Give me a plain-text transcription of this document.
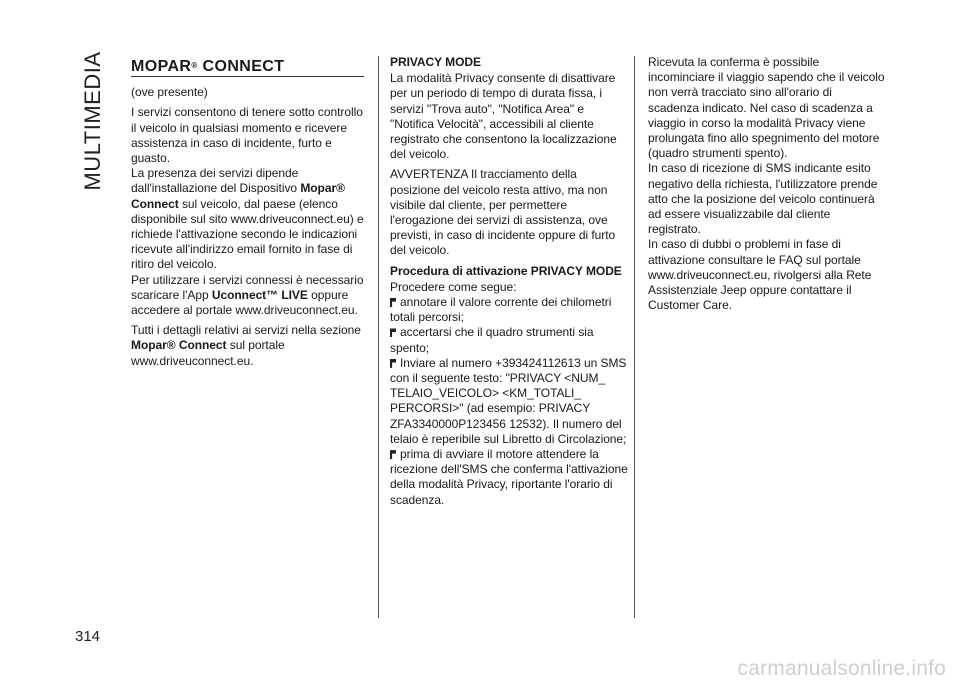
MULTIMEDIA MOPAR® CONNECT

(ove presente)

I servizi consentono di tenere sotto controllo il veicolo in qualsiasi momento e ricevere assistenza in caso di incidente, furto e guasto.

La presenza dei servizi dipende dall'installazione del Dispositivo Mopar® Connect sul veicolo, dal paese (elenco disponibile sul sito www.driveuconnect.eu) e richiede l'attivazione secondo le indicazioni ricevute all'indirizzo email fornito in fase di ritiro del veicolo.

Per utilizzare i servizi connessi è necessario scaricare l'App Uconnect™ LIVE oppure accedere al portale www.driveuconnect.eu.

Tutti i dettagli relativi ai servizi nella sezione Mopar® Connect sul portale www.driveuconnect.eu.

PRIVACY MODE

La modalità Privacy consente di disattivare per un periodo di tempo di durata fissa, i servizi "Trova auto", "Notifica Area" e "Notifica Velocità", accessibili al cliente registrato che consentono la localizzazione del veicolo.

AVVERTENZA Il tracciamento della posizione del veicolo resta attivo, ma non visibile dal cliente, per permettere l'erogazione dei servizi di assistenza, ove previsti, in caso di incidente oppure di furto del veicolo.

Procedura di attivazione PRIVACY MODE

Procedere come segue:

annotare il valore corrente dei chilometri totali percorsi;
accertarsi che il quadro strumenti sia spento;
Inviare al numero +393424112613 un SMS con il seguente testo: "PRIVACY <NUM_ TELAIO_VEICOLO> <KM_TOTALI_ PERCORSI>" (ad esempio: PRIVACY ZFA3340000P123456 12532). Il numero del telaio è reperibile sul Libretto di Circolazione;
prima di avviare il motore attendere la ricezione dell'SMS che conferma l'attivazione della modalità Privacy, riportante l'orario di scadenza.

Ricevuta la conferma è possibile incominciare il viaggio sapendo che il veicolo non verrà tracciato sino all'orario di scadenza indicato. Nel caso di scadenza a viaggio in corso la modalità Privacy viene prolungata fino allo spegnimento del motore (quadro strumenti spento).

In caso di ricezione di SMS indicante esito negativo della richiesta, l'utilizzatore prende atto che la posizione del veicolo continuerà ad essere visualizzabile dal cliente registrato.

In caso di dubbi o problemi in fase di attivazione consultare le FAQ sul portale www.driveuconnect.eu, rivolgersi alla Rete Assistenziale Jeep oppure contattare il Customer Care.

314
carmanualsonline.info
